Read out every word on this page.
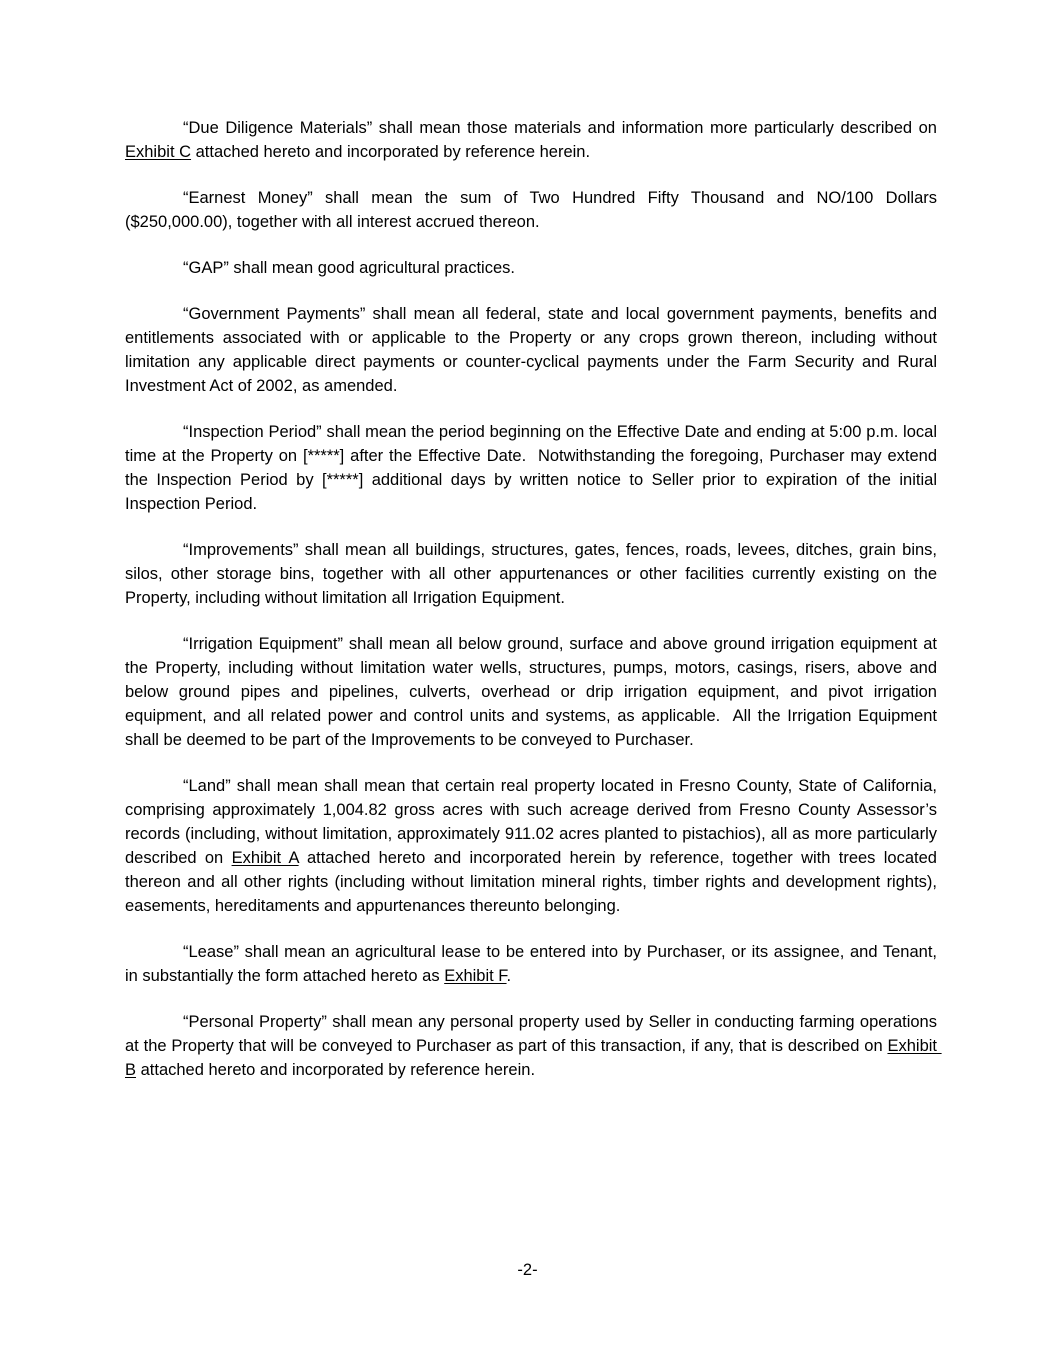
“Due Diligence Materials” shall mean those materials and information more particularly described on Exhibit C attached hereto and incorporated by reference herein.

“Earnest Money” shall mean the sum of Two Hundred Fifty Thousand and NO/100 Dollars ($250,000.00), together with all interest accrued thereon.

“GAP” shall mean good agricultural practices.

“Government Payments” shall mean all federal, state and local government payments, benefits and entitlements associated with or applicable to the Property or any crops grown thereon, including without limitation any applicable direct payments or counter-cyclical payments under the Farm Security and Rural Investment Act of 2002, as amended.

“Inspection Period” shall mean the period beginning on the Effective Date and ending at 5:00 p.m. local time at the Property on [*****] after the Effective Date.  Notwithstanding the foregoing, Purchaser may extend the Inspection Period by [*****] additional days by written notice to Seller prior to expiration of the initial Inspection Period.

“Improvements” shall mean all buildings, structures, gates, fences, roads, levees, ditches, grain bins, silos, other storage bins, together with all other appurtenances or other facilities currently existing on the Property, including without limitation all Irrigation Equipment.

“Irrigation Equipment” shall mean all below ground, surface and above ground irrigation equipment at the Property, including without limitation water wells, structures, pumps, motors, casings, risers, above and below ground pipes and pipelines, culverts, overhead or drip irrigation equipment, and pivot irrigation equipment, and all related power and control units and systems, as applicable.  All the Irrigation Equipment shall be deemed to be part of the Improvements to be conveyed to Purchaser.

“Land” shall mean shall mean that certain real property located in Fresno County, State of California, comprising approximately 1,004.82 gross acres with such acreage derived from Fresno County Assessor’s records (including, without limitation, approximately 911.02 acres planted to pistachios), all as more particularly described on Exhibit A attached hereto and incorporated herein by reference, together with trees located thereon and all other rights (including without limitation mineral rights, timber rights and development rights), easements, hereditaments and appurtenances thereunto belonging.

“Lease” shall mean an agricultural lease to be entered into by Purchaser, or its assignee, and Tenant, in substantially the form attached hereto as Exhibit F.

“Personal Property” shall mean any personal property used by Seller in conducting farming operations at the Property that will be conveyed to Purchaser as part of this transaction, if any, that is described on Exhibit B attached hereto and incorporated by reference herein.

-2-
